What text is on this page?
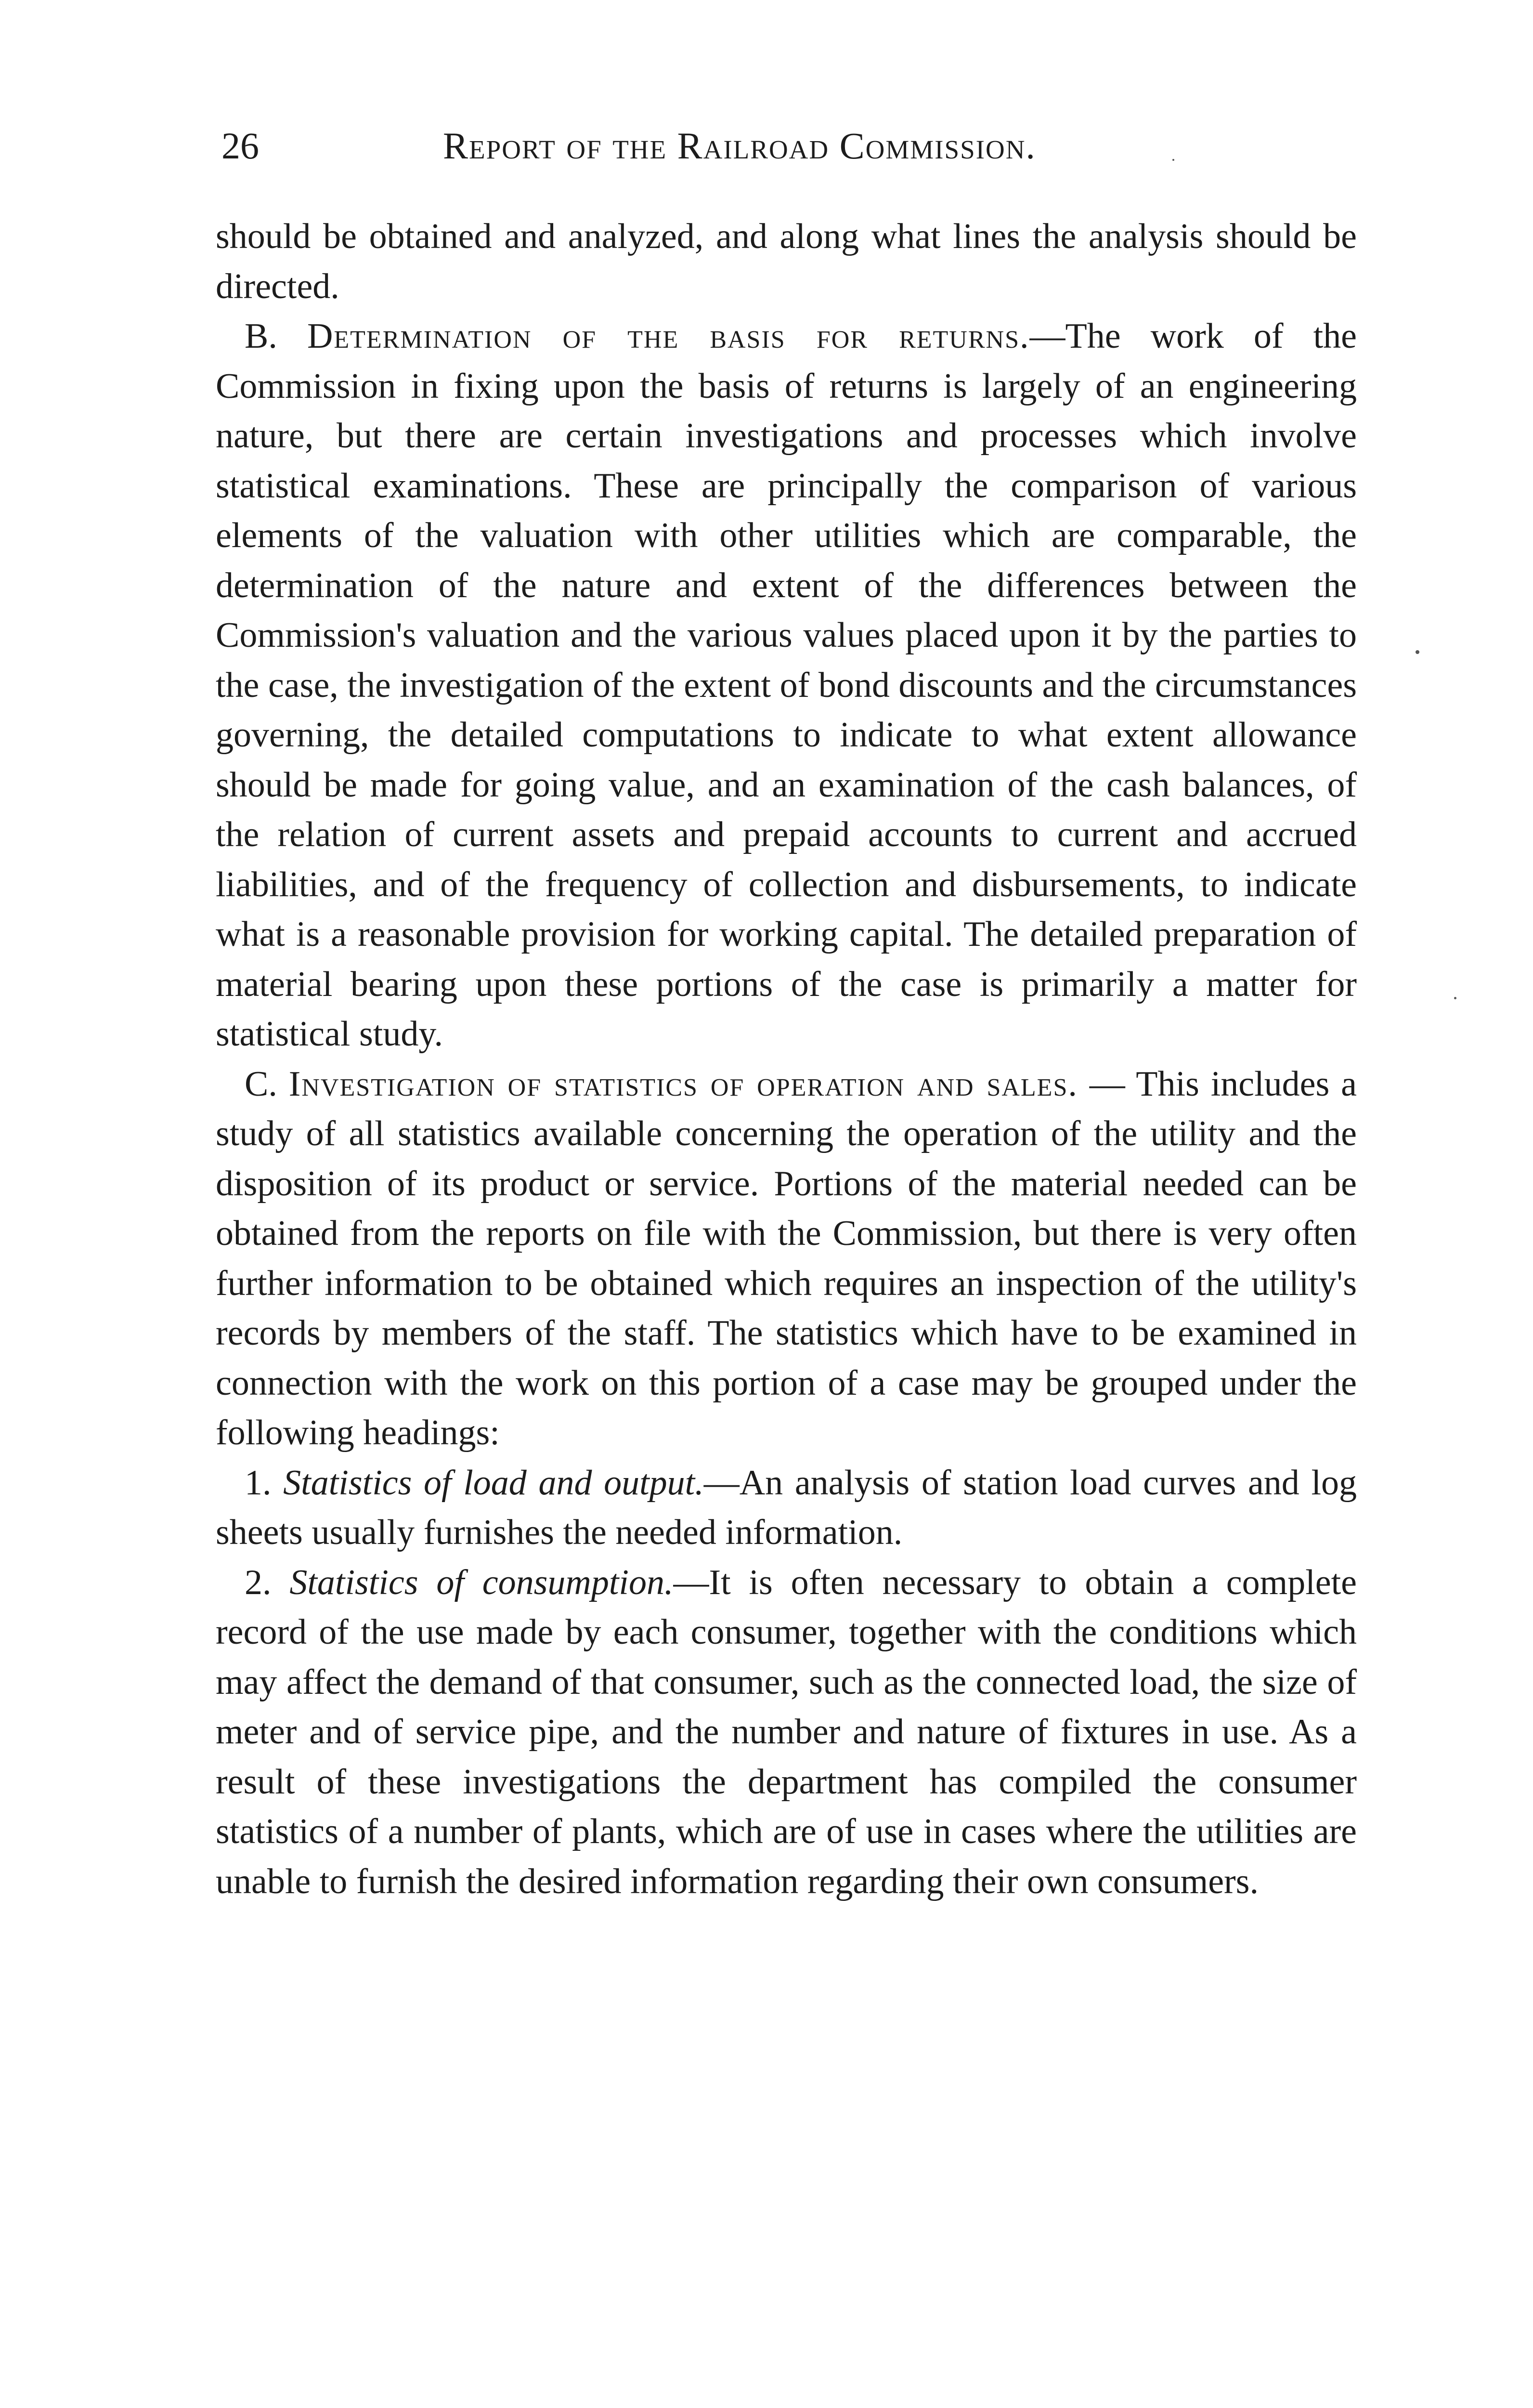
26	Report of the Railroad Commission.

should be obtained and analyzed, and along what lines the analysis should be directed.

B. Determination of the basis for returns.—The work of the Commission in fixing upon the basis of returns is largely of an engineering nature, but there are certain investigations and processes which involve statistical examinations. These are principally the comparison of various elements of the valuation with other utilities which are comparable, the determination of the nature and extent of the differences between the Commission's valuation and the various values placed upon it by the parties to the case, the investigation of the extent of bond discounts and the circumstances governing, the detailed computations to indicate to what extent allowance should be made for going value, and an examination of the cash balances, of the relation of current assets and prepaid accounts to current and accrued liabilities, and of the frequency of collection and disbursements, to indicate what is a reasonable provision for working capital. The detailed preparation of material bearing upon these portions of the case is primarily a matter for statistical study.

C. Investigation of statistics of operation and sales. — This includes a study of all statistics available concerning the operation of the utility and the disposition of its product or service. Portions of the material needed can be obtained from the reports on file with the Commission, but there is very often further information to be obtained which requires an inspection of the utility's records by members of the staff. The statistics which have to be examined in connection with the work on this portion of a case may be grouped under the following headings:

1. Statistics of load and output.—An analysis of station load curves and log sheets usually furnishes the needed information.

2. Statistics of consumption.—It is often necessary to obtain a complete record of the use made by each consumer, together with the conditions which may affect the demand of that consumer, such as the connected load, the size of meter and of service pipe, and the number and nature of fixtures in use. As a result of these investigations the department has compiled the consumer statistics of a number of plants, which are of use in cases where the utilities are unable to furnish the desired information regarding their own consumers.
